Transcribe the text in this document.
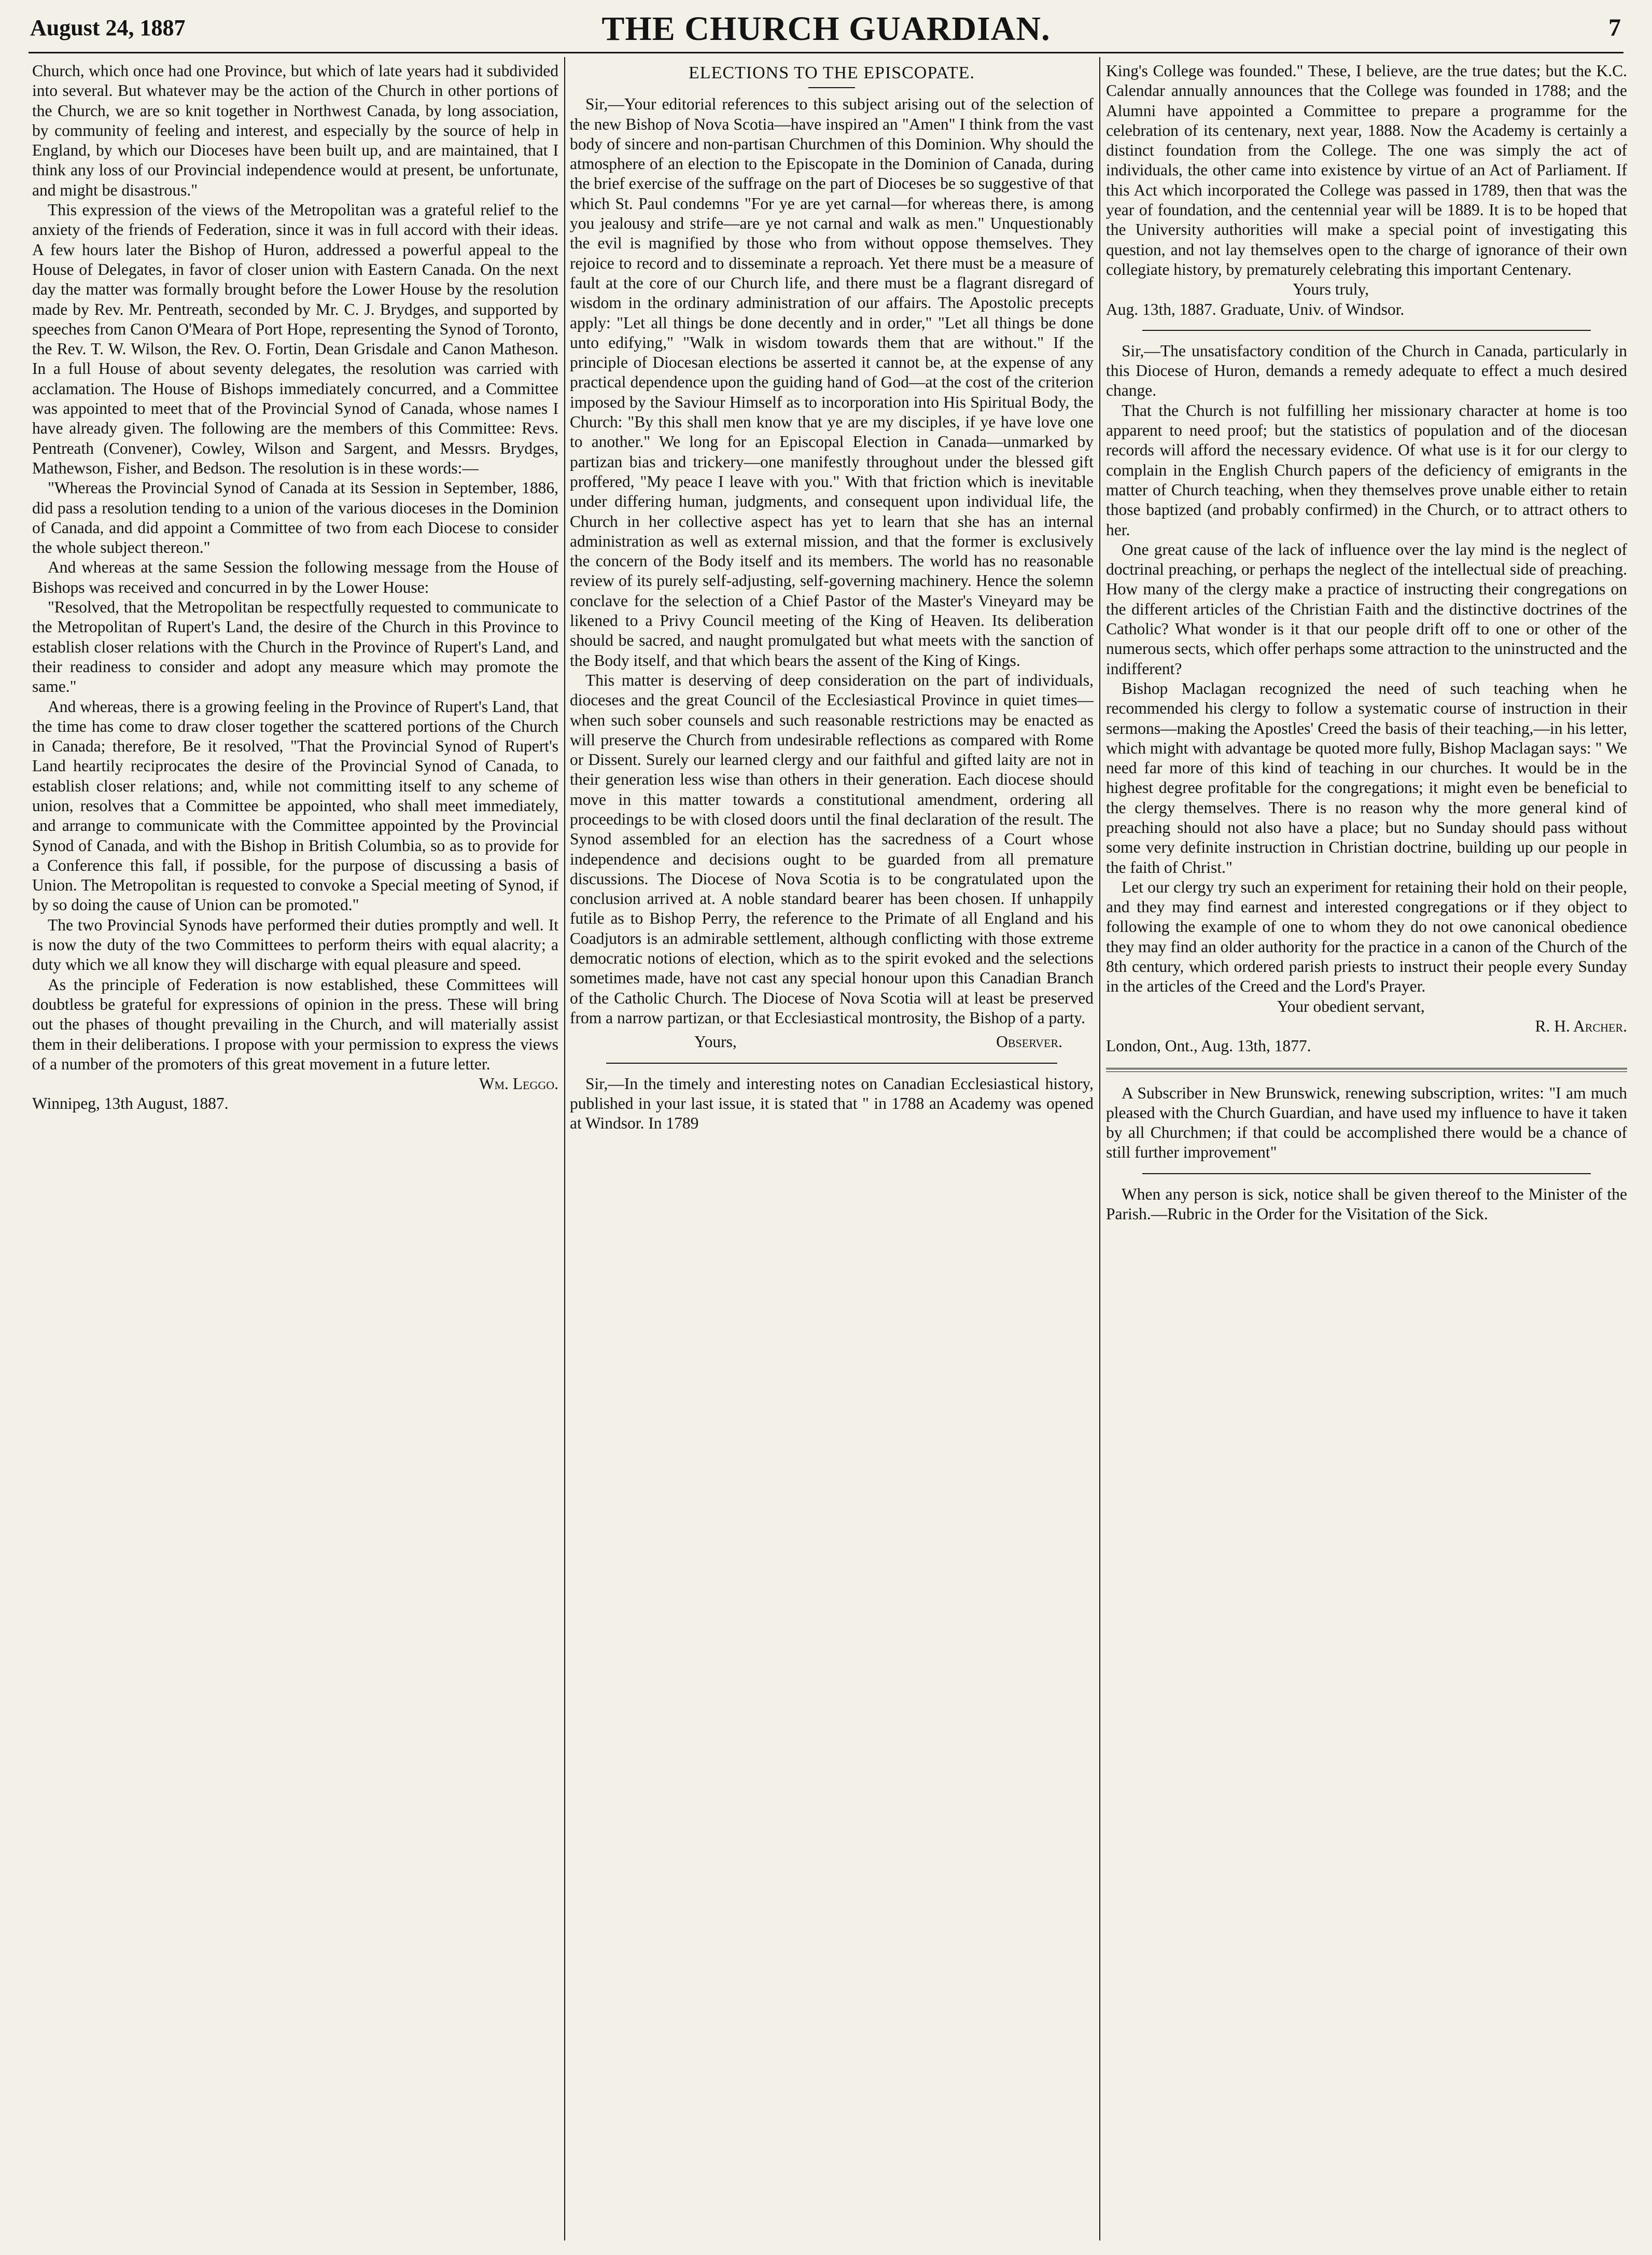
August 24, 1887	THE CHURCH GUARDIAN.	7

Church, which once had one Province, but which of late years had it subdivided into several. But whatever may be the action of the Church in other portions of the Church, we are so knit together in Northwest Canada, by long association, by community of feeling and interest, and especially by the source of help in England, by which our Dioceses have been built up, and are maintained, that I think any loss of our Provincial independence would at present, be unfortunate, and might be disastrous."

This expression of the views of the Metropolitan was a grateful relief to the anxiety of the friends of Federation, since it was in full accord with their ideas. A few hours later the Bishop of Huron, addressed a powerful appeal to the House of Delegates, in favor of closer union with Eastern Canada. On the next day the matter was formally brought before the Lower House by the resolution made by Rev. Mr. Pentreath, seconded by Mr. C. J. Brydges, and supported by speeches from Canon O'Meara of Port Hope, representing the Synod of Toronto, the Rev. T. W. Wilson, the Rev. O. Fortin, Dean Grisdale and Canon Matheson. In a full House of about seventy delegates, the resolution was carried with acclamation. The House of Bishops immediately concurred, and a Committee was appointed to meet that of the Provincial Synod of Canada, whose names I have already given. The following are the members of this Committee: Revs. Pentreath (Convener), Cowley, Wilson and Sargent, and Messrs. Brydges, Mathewson, Fisher, and Bedson. The resolution is in these words:—

"Whereas the Provincial Synod of Canada at its Session in September, 1886, did pass a resolution tending to a union of the various dioceses in the Dominion of Canada, and did appoint a Committee of two from each Diocese to consider the whole subject thereon."

And whereas at the same Session the following message from the House of Bishops was received and concurred in by the Lower House:

"Resolved, that the Metropolitan be respectfully requested to communicate to the Metropolitan of Rupert's Land, the desire of the Church in this Province to establish closer relations with the Church in the Province of Rupert's Land, and their readiness to consider and adopt any measure which may promote the same."

And whereas, there is a growing feeling in the Province of Rupert's Land, that the time has come to draw closer together the scattered portions of the Church in Canada; therefore, Be it resolved, "That the Provincial Synod of Rupert's Land heartily reciprocates the desire of the Provincial Synod of Canada, to establish closer relations; and, while not committing itself to any scheme of union, resolves that a Committee be appointed, who shall meet immediately, and arrange to communicate with the Committee appointed by the Provincial Synod of Canada, and with the Bishop in British Columbia, so as to provide for a Conference this fall, if possible, for the purpose of discussing a basis of Union. The Metropolitan is requested to convoke a Special meeting of Synod, if by so doing the cause of Union can be promoted."

The two Provincial Synods have performed their duties promptly and well. It is now the duty of the two Committees to perform theirs with equal alacrity; a duty which we all know they will discharge with equal pleasure and speed.

As the principle of Federation is now established, these Committees will doubtless be grateful for expressions of opinion in the press. These will bring out the phases of thought prevailing in the Church, and will materially assist them in their deliberations. I propose with your permission to express the views of a number of the promoters of this great movement in a future letter.

Wm. Leggo.

Winnipeg, 13th August, 1887.

ELECTIONS TO THE EPISCOPATE.

Sir,—Your editorial references to this subject arising out of the selection of the new Bishop of Nova Scotia—have inspired an "Amen" I think from the vast body of sincere and non-partisan Churchmen of this Dominion. Why should the atmosphere of an election to the Episcopate in the Dominion of Canada, during the brief exercise of the suffrage on the part of Dioceses be so suggestive of that which St. Paul condemns "For ye are yet carnal—for whereas there, is among you jealousy and strife—are ye not carnal and walk as men." Unquestionably the evil is magnified by those who from without oppose themselves. They rejoice to record and to disseminate a reproach. Yet there must be a measure of fault at the core of our Church life, and there must be a flagrant disregard of wisdom in the ordinary administration of our affairs. The Apostolic precepts apply: "Let all things be done decently and in order," "Let all things be done unto edifying," "Walk in wisdom towards them that are without." If the principle of Diocesan elections be asserted it cannot be, at the expense of any practical dependence upon the guiding hand of God—at the cost of the criterion imposed by the Saviour Himself as to incorporation into His Spiritual Body, the Church: "By this shall men know that ye are my disciples, if ye have love one to another." We long for an Episcopal Election in Canada—unmarked by partizan bias and trickery—one manifestly throughout under the blessed gift proffered, "My peace I leave with you." With that friction which is inevitable under differing human, judgments, and consequent upon individual life, the Church in her collective aspect has yet to learn that she has an internal administration as well as external mission, and that the former is exclusively the concern of the Body itself and its members. The world has no reasonable review of its purely self-adjusting, self-governing machinery. Hence the solemn conclave for the selection of a Chief Pastor of the Master's Vineyard may be likened to a Privy Council meeting of the King of Heaven. Its deliberation should be sacred, and naught promulgated but what meets with the sanction of the Body itself, and that which bears the assent of the King of Kings.

This matter is deserving of deep consideration on the part of individuals, dioceses and the great Council of the Ecclesiastical Province in quiet times—when such sober counsels and such reasonable restrictions may be enacted as will preserve the Church from undesirable reflections as compared with Rome or Dissent. Surely our learned clergy and our faithful and gifted laity are not in their generation less wise than others in their generation. Each diocese should move in this matter towards a constitutional amendment, ordering all proceedings to be with closed doors until the final declaration of the result. The Synod assembled for an election has the sacredness of a Court whose independence and decisions ought to be guarded from all premature discussions. The Diocese of Nova Scotia is to be congratulated upon the conclusion arrived at. A noble standard bearer has been chosen. If unhappily futile as to Bishop Perry, the reference to the Primate of all England and his Coadjutors is an admirable settlement, although conflicting with those extreme democratic notions of election, which as to the spirit evoked and the selections sometimes made, have not cast any special honour upon this Canadian Branch of the Catholic Church. The Diocese of Nova Scotia will at least be preserved from a narrow partizan, or that Ecclesiastical montrosity, the Bishop of a party.

Yours,	Observer.

Sir,—In the timely and interesting notes on Canadian Ecclesiastical history, published in your last issue, it is stated that " in 1788 an Academy was opened at Windsor. In 1789

King's College was founded." These, I believe, are the true dates; but the K.C. Calendar annually announces that the College was founded in 1788; and the Alumni have appointed a Committee to prepare a programme for the celebration of its centenary, next year, 1888. Now the Academy is certainly a distinct foundation from the College. The one was simply the act of individuals, the other came into existence by virtue of an Act of Parliament. If this Act which incorporated the College was passed in 1789, then that was the year of foundation, and the centennial year will be 1889. It is to be hoped that the University authorities will make a special point of investigating this question, and not lay themselves open to the charge of ignorance of their own collegiate history, by prematurely celebrating this important Centenary.

Yours truly,

Aug. 13th, 1887. Graduate, Univ. of Windsor.

Sir,—The unsatisfactory condition of the Church in Canada, particularly in this Diocese of Huron, demands a remedy adequate to effect a much desired change.

That the Church is not fulfilling her missionary character at home is too apparent to need proof; but the statistics of population and of the diocesan records will afford the necessary evidence. Of what use is it for our clergy to complain in the English Church papers of the deficiency of emigrants in the matter of Church teaching, when they themselves prove unable either to retain those baptized (and probably confirmed) in the Church, or to attract others to her.

One great cause of the lack of influence over the lay mind is the neglect of doctrinal preaching, or perhaps the neglect of the intellectual side of preaching. How many of the clergy make a practice of instructing their congregations on the different articles of the Christian Faith and the distinctive doctrines of the Catholic? What wonder is it that our people drift off to one or other of the numerous sects, which offer perhaps some attraction to the uninstructed and the indifferent?

Bishop Maclagan recognized the need of such teaching when he recommended his clergy to follow a systematic course of instruction in their sermons—making the Apostles' Creed the basis of their teaching,—in his letter, which might with advantage be quoted more fully, Bishop Maclagan says: " We need far more of this kind of teaching in our churches. It would be in the highest degree profitable for the congregations; it might even be beneficial to the clergy themselves. There is no reason why the more general kind of preaching should not also have a place; but no Sunday should pass without some very definite instruction in Christian doctrine, building up our people in the faith of Christ."

Let our clergy try such an experiment for retaining their hold on their people, and they may find earnest and interested congregations or if they object to following the example of one to whom they do not owe canonical obedience they may find an older authority for the practice in a canon of the Church of the 8th century, which ordered parish priests to instruct their people every Sunday in the articles of the Creed and the Lord's Prayer.

Your obedient servant,

R. H. Archer.

London, Ont., Aug. 13th, 1877.

A Subscriber in New Brunswick, renewing subscription, writes: "I am much pleased with the Church Guardian, and have used my influence to have it taken by all Churchmen; if that could be accomplished there would be a chance of still further improvement"

When any person is sick, notice shall be given thereof to the Minister of the Parish.—Rubric in the Order for the Visitation of the Sick.
